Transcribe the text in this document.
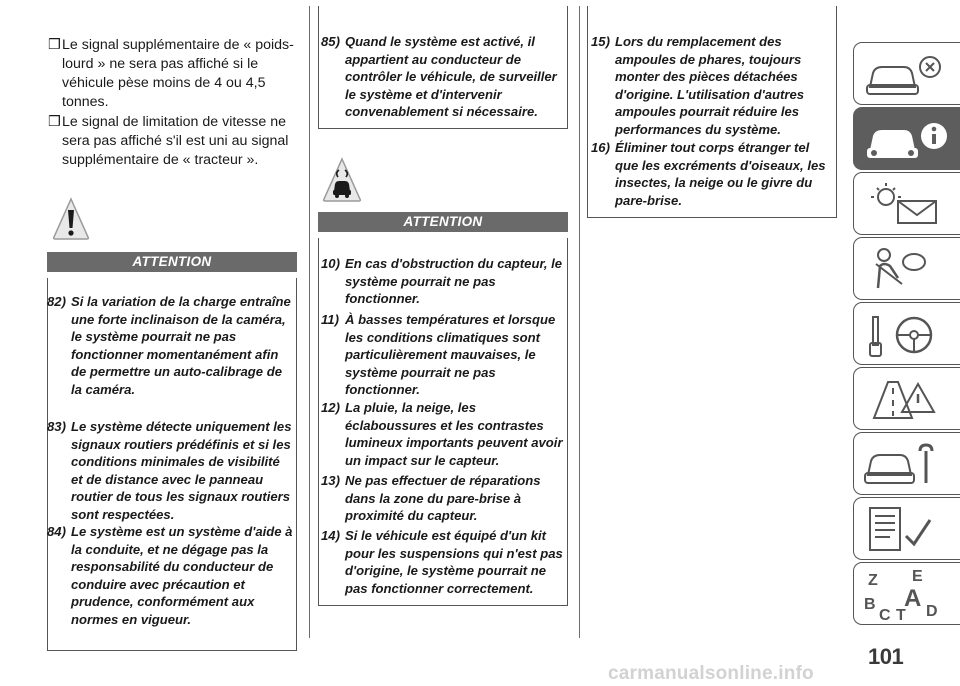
❒ Le signal supplémentaire de « poids-lourd » ne sera pas affiché si le véhicule pèse moins de 4 ou 4,5 tonnes.
❒ Le signal de limitation de vitesse ne sera pas affiché s'il est uni au signal supplémentaire de « tracteur ».
ATTENTION
82) Si la variation de la charge entraîne une forte inclinaison de la caméra, le système pourrait ne pas fonctionner momentanément afin de permettre un auto-calibrage de la caméra.
83) Le système détecte uniquement les signaux routiers prédéfinis et si les conditions minimales de visibilité et de distance avec le panneau routier de tous les signaux routiers sont respectées.
84) Le système est un système d'aide à la conduite, et ne dégage pas la responsabilité du conducteur de conduire avec précaution et prudence, conformément aux normes en vigueur.
85) Quand le système est activé, il appartient au conducteur de contrôler le véhicule, de surveiller le système et d'intervenir convenablement si nécessaire.
ATTENTION
10) En cas d'obstruction du capteur, le système pourrait ne pas fonctionner.
11) À basses températures et lorsque les conditions climatiques sont particulièrement mauvaises, le système pourrait ne pas fonctionner.
12) La pluie, la neige, les éclaboussures et les contrastes lumineux importants peuvent avoir un impact sur le capteur.
13) Ne pas effectuer de réparations dans la zone du pare-brise à proximité du capteur.
14) Si le véhicule est équipé d'un kit pour les suspensions qui n'est pas d'origine, le système pourrait ne pas fonctionner correctement.
15) Lors du remplacement des ampoules de phares, toujours monter des pièces détachées d'origine. L'utilisation d'autres ampoules pourrait réduire les performances du système.
16) Éliminer tout corps étranger tel que les excréments d'oiseaux, les insectes, la neige ou le givre du pare-brise.
Z E
B A
C T D
101
carmanualsonline.info
